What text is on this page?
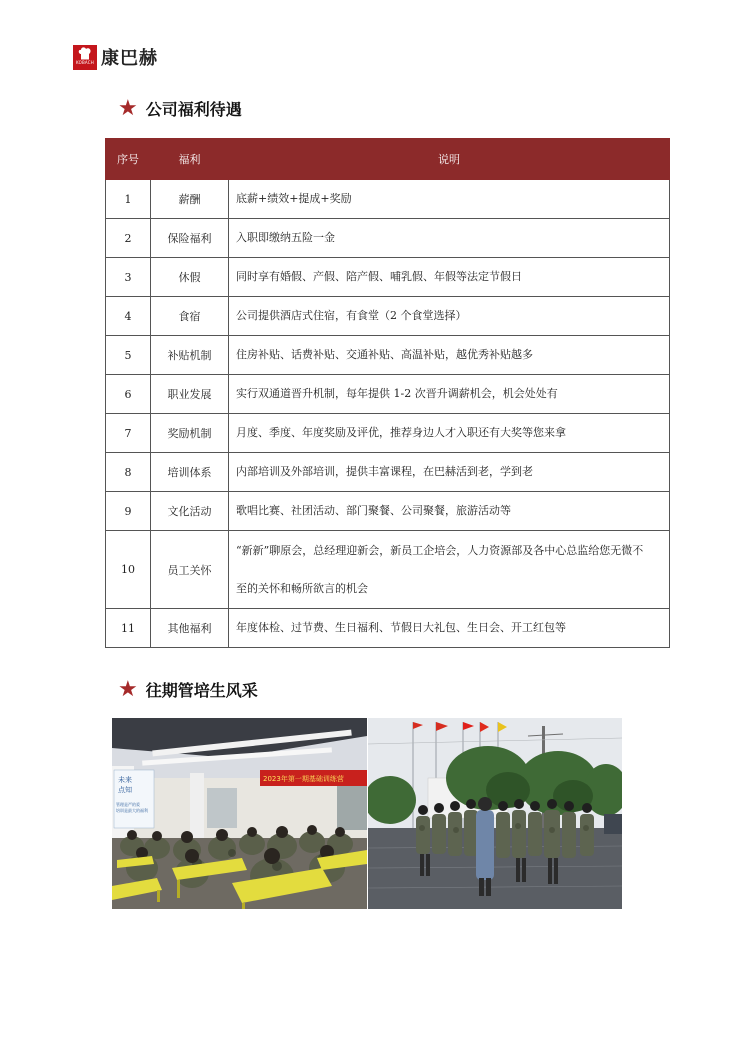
KOBACH 康巴赫
★ 公司福利待遇
序号	福利	说明
1	薪酬	底薪+绩效+提成+奖励
2	保险福利	入职即缴纳五险一金
3	休假	同时享有婚假、产假、陪产假、哺乳假、年假等法定节假日
4	食宿	公司提供酒店式住宿，有食堂（2 个食堂选择）
5	补贴机制	住房补贴、话费补贴、交通补贴、高温补贴，越优秀补贴越多
6	职业发展	实行双通道晋升机制，每年提供 1-2 次晋升调薪机会，机会处处有
7	奖励机制	月度、季度、年度奖励及评优，推荐身边人才入职还有大奖等您来拿
8	培训体系	内部培训及外部培训，提供丰富课程，在巴赫活到老，学到老
9	文化活动	歌唱比赛、社团活动、部门聚餐、公司聚餐，旅游活动等
10	员工关怀	“新新”聊原会，总经理迎新会，新员工企培会，人力资源部及各中心总监给您无微不
至的关怀和畅所欲言的机会

11	其他福利	年度体检、过节费、生日福利、节假日大礼包、生日会、开工红包等
★ 往期管培生风采
未来
点知
管理是严的爱
培训是最大的福利
2023年第一期基础训练营
